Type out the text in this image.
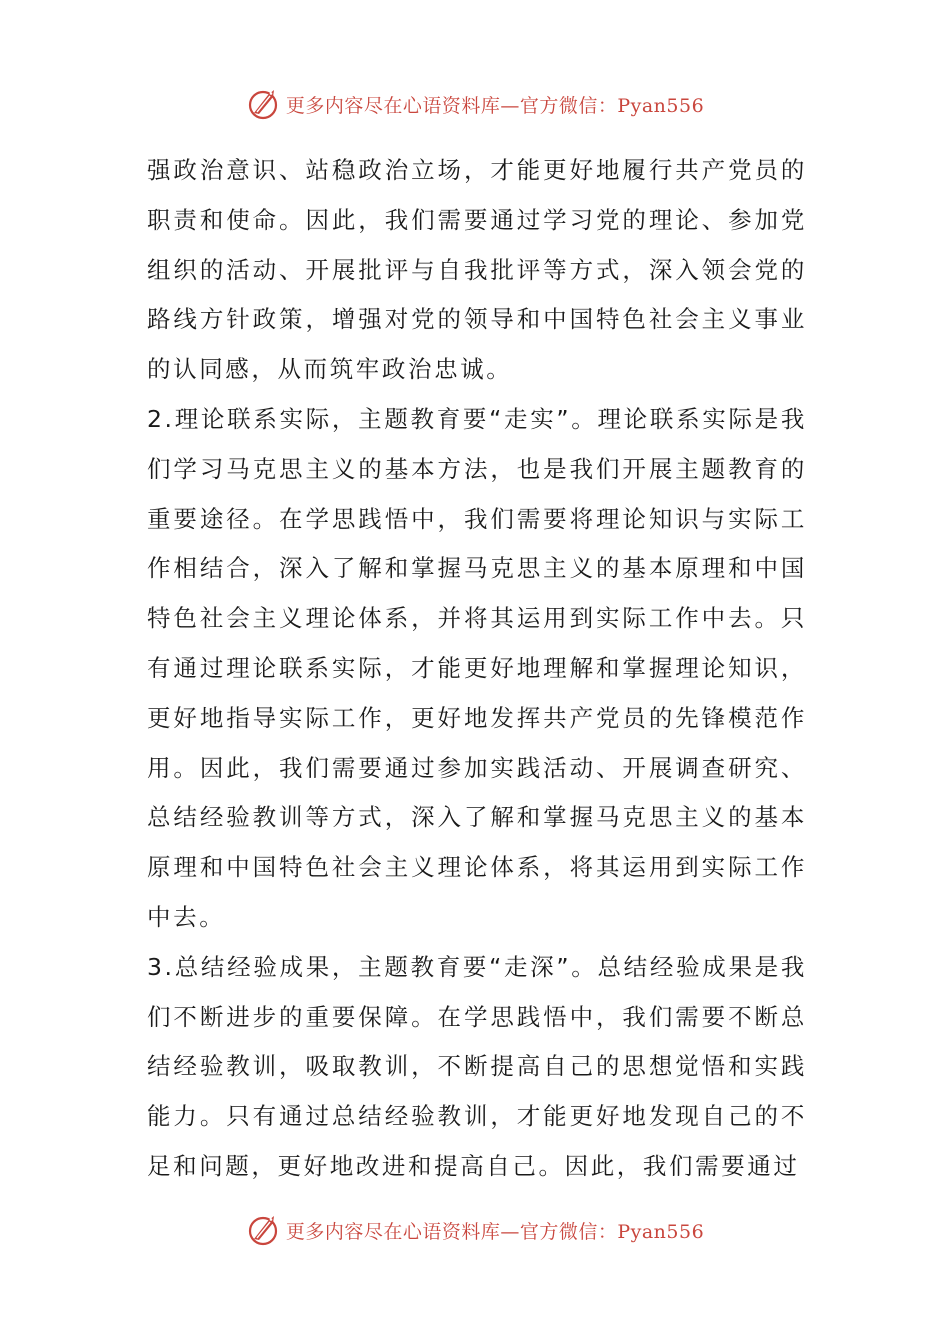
更多内容尽在心语资料库—官方微信：Pyan556

强政治意识、站稳政治立场，才能更好地履行共产党员的职责和使命。因此，我们需要通过学习党的理论、参加党组织的活动、开展批评与自我批评等方式，深入领会党的路线方针政策，增强对党的领导和中国特色社会主义事业的认同感，从而筑牢政治忠诚。

2.理论联系实际，主题教育要“走实”。理论联系实际是我们学习马克思主义的基本方法，也是我们开展主题教育的重要途径。在学思践悟中，我们需要将理论知识与实际工作相结合，深入了解和掌握马克思主义的基本原理和中国特色社会主义理论体系，并将其运用到实际工作中去。只有通过理论联系实际，才能更好地理解和掌握理论知识，更好地指导实际工作，更好地发挥共产党员的先锋模范作用。因此，我们需要通过参加实践活动、开展调查研究、总结经验教训等方式，深入了解和掌握马克思主义的基本原理和中国特色社会主义理论体系，将其运用到实际工作中去。

3.总结经验成果，主题教育要“走深”。总结经验成果是我们不断进步的重要保障。在学思践悟中，我们需要不断总结经验教训，吸取教训，不断提高自己的思想觉悟和实践能力。只有通过总结经验教训，才能更好地发现自己的不足和问题，更好地改进和提高自己。因此，我们需要通过

更多内容尽在心语资料库—官方微信：Pyan556
